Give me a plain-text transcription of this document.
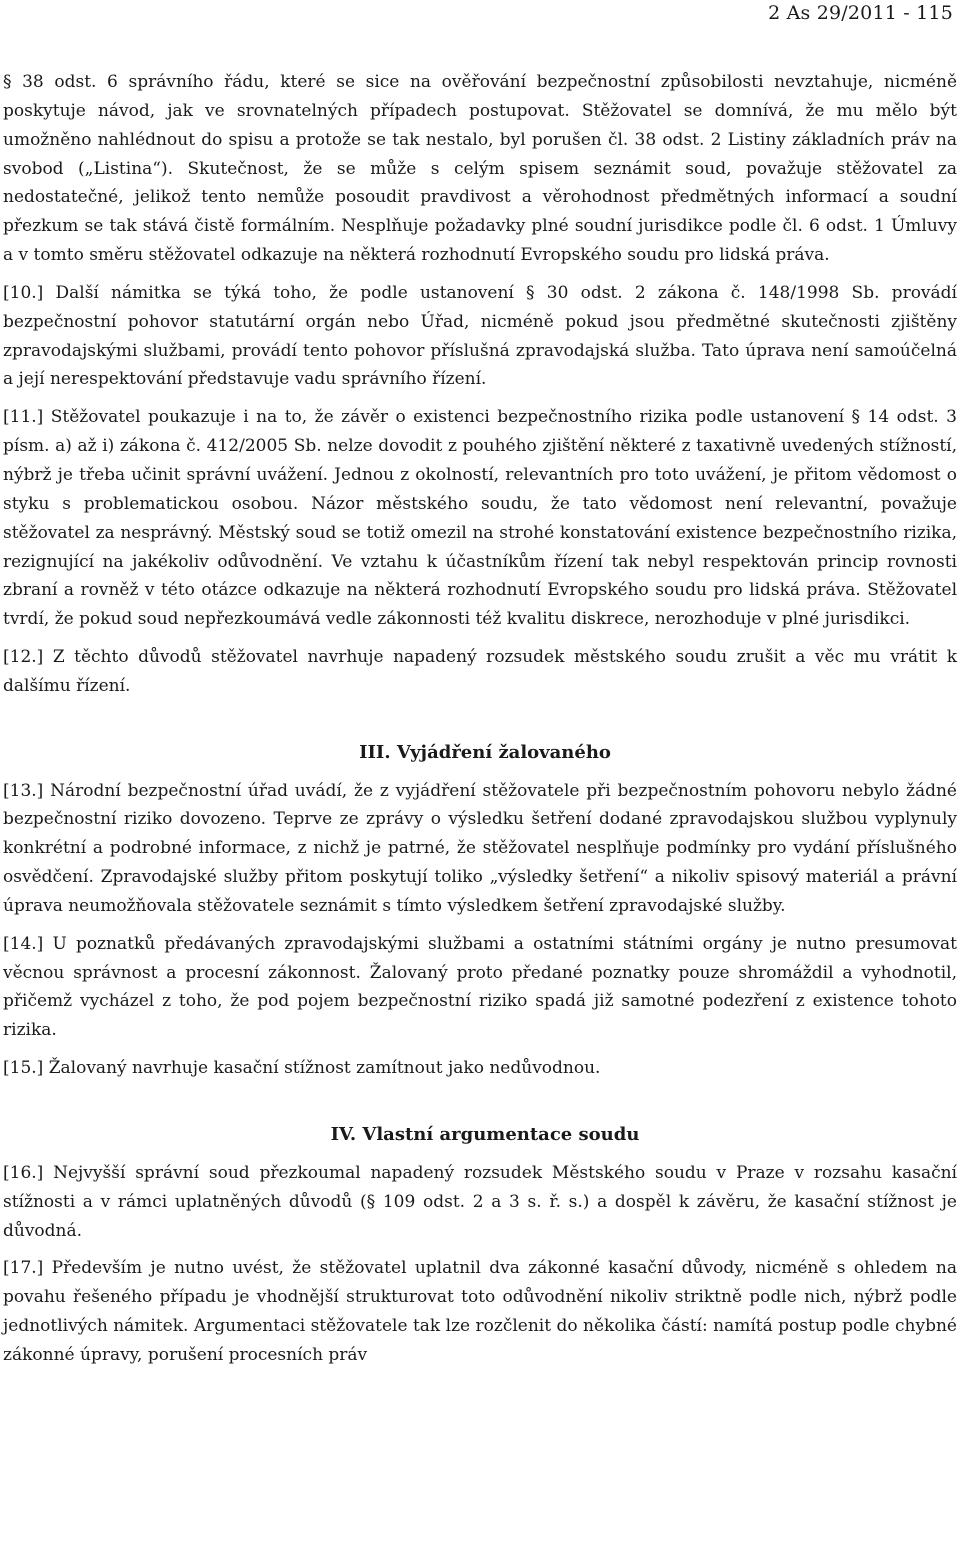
2 As 29/2011 - 115

§ 38 odst. 6 správního řádu, které se sice na ověřování bezpečnostní způsobilosti nevztahuje, nicméně poskytuje návod, jak ve srovnatelných případech postupovat. Stěžovatel se domnívá, že mu mělo být umožněno nahlédnout do spisu a protože se tak nestalo, byl porušen čl. 38 odst. 2 Listiny základních práv na svobod („Listina“). Skutečnost, že se může s celým spisem seznámit soud, považuje stěžovatel za nedostatečné, jelikož tento nemůže posoudit pravdivost a věrohodnost předmětných informací a soudní přezkum se tak stává čistě formálním. Nesplňuje požadavky plné soudní jurisdikce podle čl. 6 odst. 1 Úmluvy a v tomto směru stěžovatel odkazuje na některá rozhodnutí Evropského soudu pro lidská práva.

[10.] Další námitka se týká toho, že podle ustanovení § 30 odst. 2 zákona č. 148/1998 Sb. provádí bezpečnostní pohovor statutární orgán nebo Úřad, nicméně pokud jsou předmětné skutečnosti zjištěny zpravodajskými službami, provádí tento pohovor příslušná zpravodajská služba. Tato úprava není samoúčelná a její nerespektování představuje vadu správního řízení.

[11.] Stěžovatel poukazuje i na to, že závěr o existenci bezpečnostního rizika podle ustanovení § 14 odst. 3 písm. a) až i) zákona č. 412/2005 Sb. nelze dovodit z pouhého zjištění některé z taxativně uvedených stížností, nýbrž je třeba učinit správní uvážení. Jednou z okolností, relevantních pro toto uvážení, je přitom vědomost o styku s problematickou osobou. Názor městského soudu, že tato vědomost není relevantní, považuje stěžovatel za nesprávný. Městský soud se totiž omezil na strohé konstatování existence bezpečnostního rizika, rezignující na jakékoliv odůvodnění. Ve vztahu k účastníkům řízení tak nebyl respektován princip rovnosti zbraní a rovněž v této otázce odkazuje na některá rozhodnutí Evropského soudu pro lidská práva. Stěžovatel tvrdí, že pokud soud nepřezkoumává vedle zákonnosti též kvalitu diskrece, nerozhoduje v plné jurisdikci.

[12.] Z těchto důvodů stěžovatel navrhuje napadený rozsudek městského soudu zrušit a věc mu vrátit k dalšímu řízení.

III. Vyjádření žalovaného

[13.] Národní bezpečnostní úřad uvádí, že z vyjádření stěžovatele při bezpečnostním pohovoru nebylo žádné bezpečnostní riziko dovozeno. Teprve ze zprávy o výsledku šetření dodané zpravodajskou službou vyplynuly konkrétní a podrobné informace, z nichž je patrné, že stěžovatel nesplňuje podmínky pro vydání příslušného osvědčení. Zpravodajské služby přitom poskytují toliko „výsledky šetření“ a nikoliv spisový materiál a právní úprava neumožňovala stěžovatele seznámit s tímto výsledkem šetření zpravodajské služby.

[14.] U poznatků předávaných zpravodajskými službami a ostatními státními orgány je nutno presumovat věcnou správnost a procesní zákonnost. Žalovaný proto předané poznatky pouze shromáždil a vyhodnotil, přičemž vycházel z toho, že pod pojem bezpečnostní riziko spadá již samotné podezření z existence tohoto rizika.

[15.] Žalovaný navrhuje kasační stížnost zamítnout jako nedůvodnou.

IV. Vlastní argumentace soudu

[16.] Nejvyšší správní soud přezkoumal napadený rozsudek Městského soudu v Praze v rozsahu kasační stížnosti a v rámci uplatněných důvodů (§ 109 odst. 2 a 3 s. ř. s.) a dospěl k závěru, že kasační stížnost je důvodná.

[17.] Především je nutno uvést, že stěžovatel uplatnil dva zákonné kasační důvody, nicméně s ohledem na povahu řešeného případu je vhodnější strukturovat toto odůvodnění nikoliv striktně podle nich, nýbrž podle jednotlivých námitek. Argumentaci stěžovatele tak lze rozčlenit do několika částí: namítá postup podle chybné zákonné úpravy, porušení procesních práv
